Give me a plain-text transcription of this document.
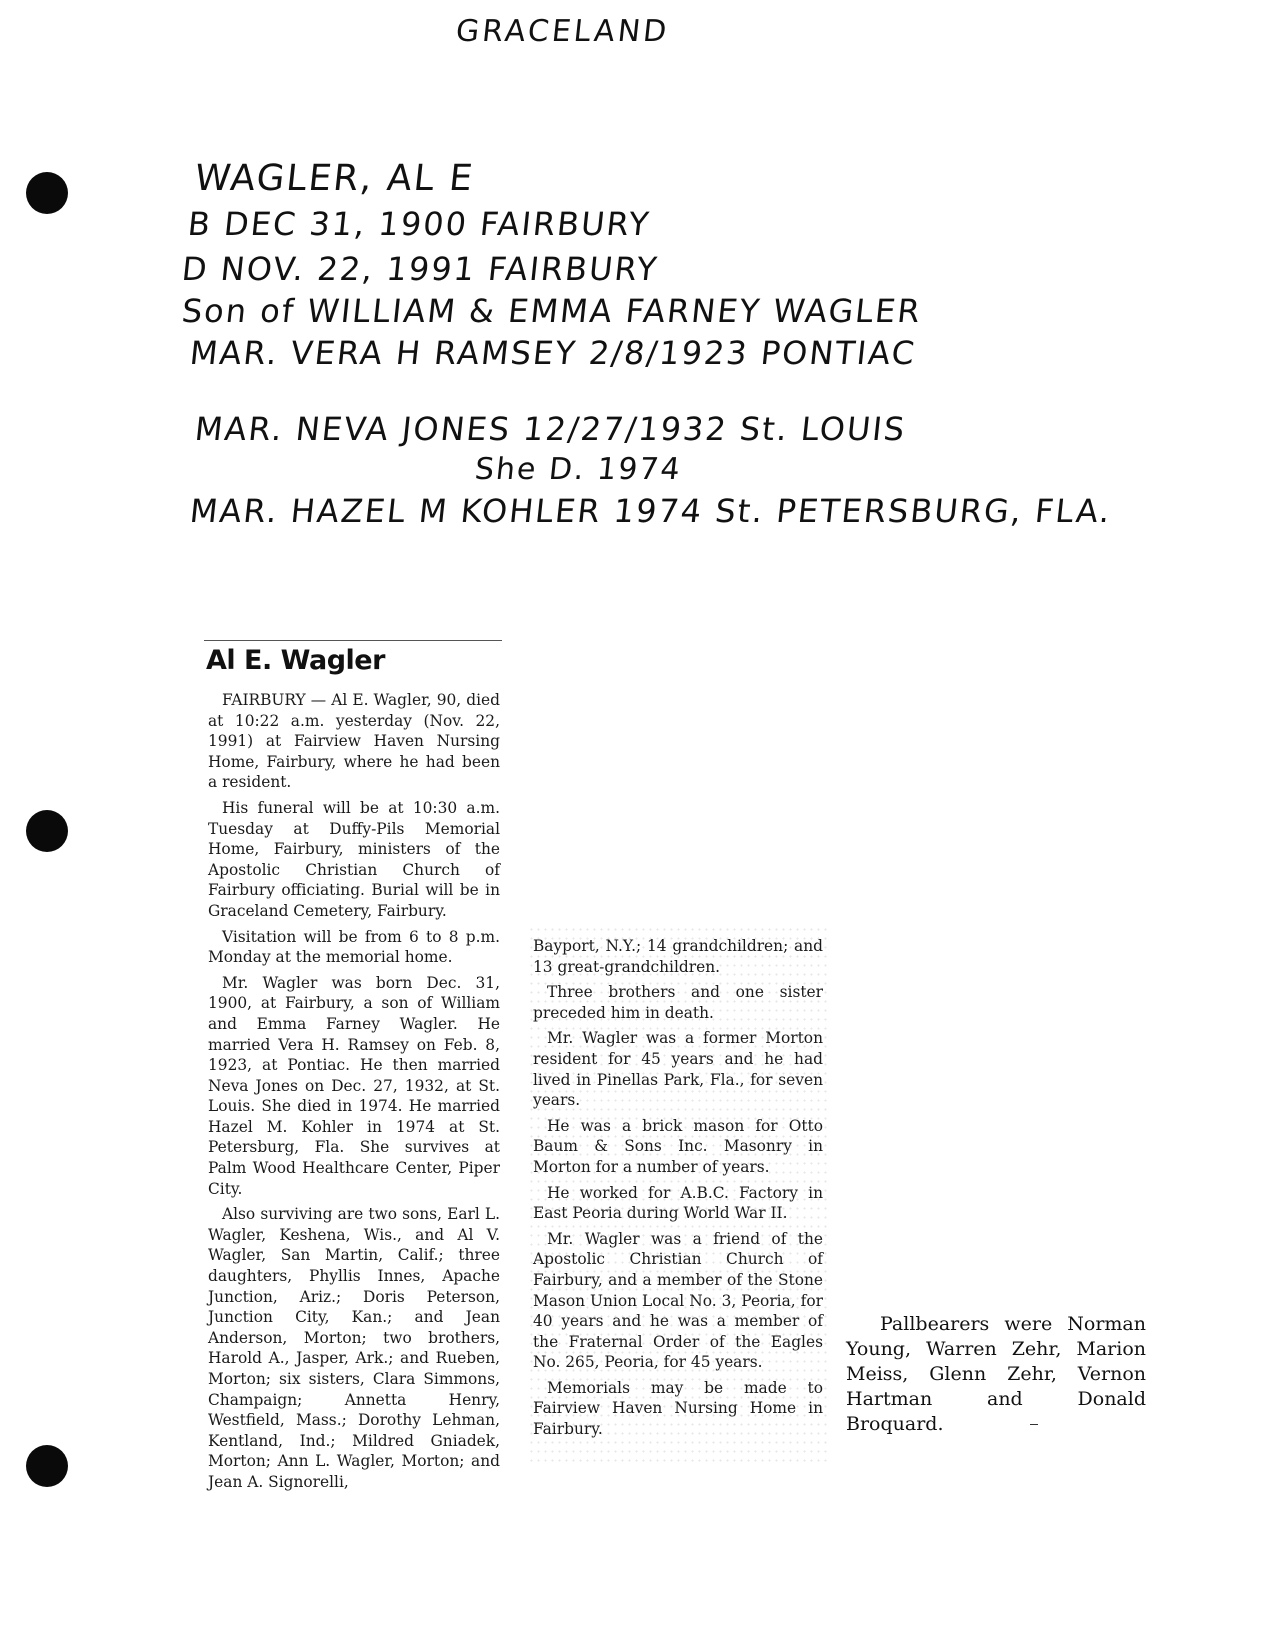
GRACELAND
WAGLER, AL E
B DEC 31, 1900 FAIRBURY
D NOV. 22, 1991 FAIRBURY
Son of WILLIAM & EMMA FARNEY WAGLER
MAR. VERA H RAMSEY 2/8/1923 PONTIAC
MAR. NEVA JONES 12/27/1932 St. LOUIS
She D. 1974
MAR. HAZEL M KOHLER 1974 St. PETERSBURG, FLA.
Al E. Wagler

FAIRBURY — Al E. Wagler, 90, died at 10:22 a.m. yesterday (Nov. 22, 1991) at Fairview Haven Nursing Home, Fairbury, where he had been a resident.

His funeral will be at 10:30 a.m. Tuesday at Duffy-Pils Memorial Home, Fairbury, ministers of the Apostolic Christian Church of Fairbury officiating. Burial will be in Graceland Cemetery, Fairbury.

Visitation will be from 6 to 8 p.m. Monday at the memorial home.

Mr. Wagler was born Dec. 31, 1900, at Fairbury, a son of William and Emma Farney Wagler. He married Vera H. Ramsey on Feb. 8, 1923, at Pontiac. He then married Neva Jones on Dec. 27, 1932, at St. Louis. She died in 1974. He married Hazel M. Kohler in 1974 at St. Petersburg, Fla. She survives at Palm Wood Healthcare Center, Piper City.

Also surviving are two sons, Earl L. Wagler, Keshena, Wis., and Al V. Wagler, San Martin, Calif.; three daughters, Phyllis Innes, Apache Junction, Ariz.; Doris Peterson, Junction City, Kan.; and Jean Anderson, Morton; two brothers, Harold A., Jasper, Ark.; and Rueben, Morton; six sisters, Clara Simmons, Champaign; Annetta Henry, Westfield, Mass.; Dorothy Lehman, Kentland, Ind.; Mildred Gniadek, Morton; Ann L. Wagler, Morton; and Jean A. Signorelli,

Bayport, N.Y.; 14 grandchildren; and 13 great-grandchildren.

Three brothers and one sister preceded him in death.

Mr. Wagler was a former Morton resident for 45 years and he had lived in Pinellas Park, Fla., for seven years.

He was a brick mason for Otto Baum & Sons Inc. Masonry in Morton for a number of years.

He worked for A.B.C. Factory in East Peoria during World War II.

Mr. Wagler was a friend of the Apostolic Christian Church of Fairbury, and a member of the Stone Mason Union Local No. 3, Peoria, for 40 years and he was a member of the Fraternal Order of the Eagles No. 265, Peoria, for 45 years.

Memorials may be made to Fairview Haven Nursing Home in Fairbury.

Pallbearers were Norman Young, Warren Zehr, Marion Meiss, Glenn Zehr, Vernon Hartman and Donald Broquard.
